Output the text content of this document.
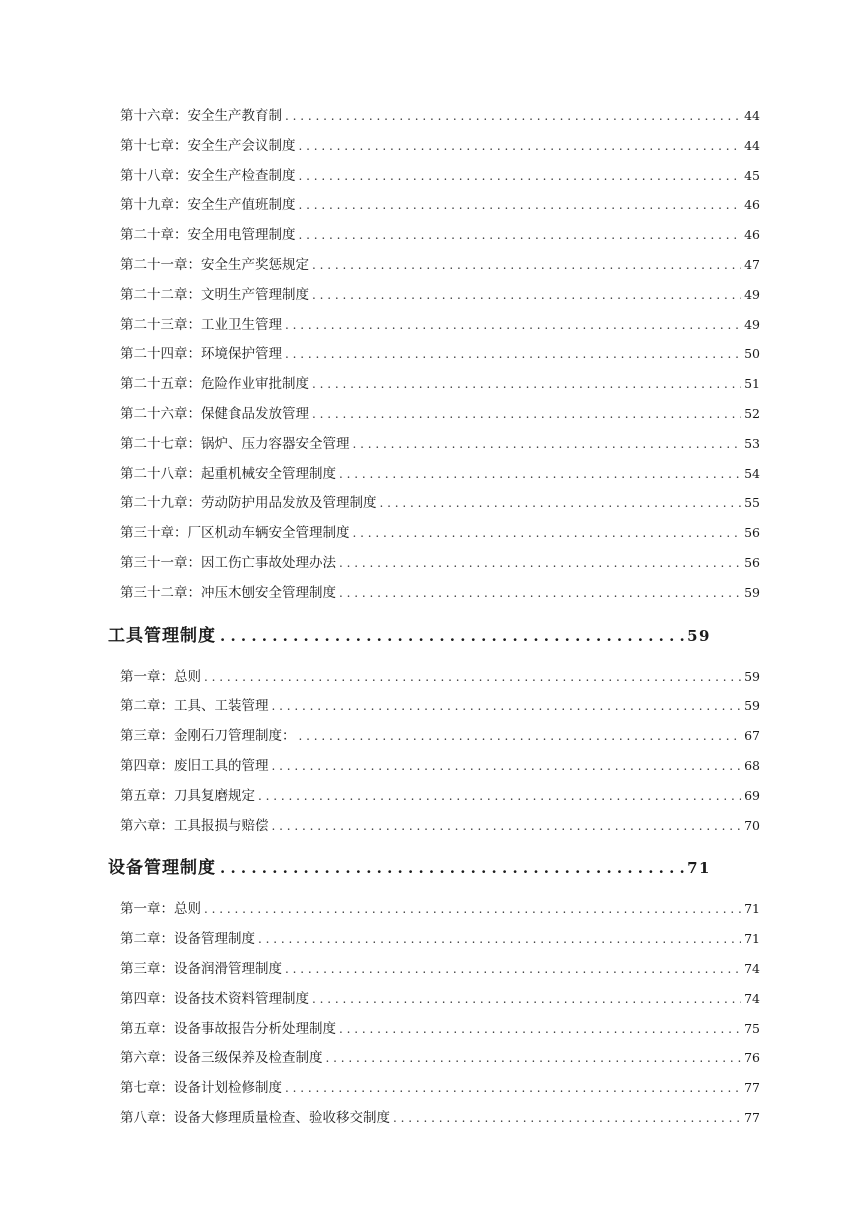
第十六章：安全生产教育制 . . .	44
第十七章：安全生产会议制度 . . .	44
第十八章：安全生产检查制度 . . .	45
第十九章：安全生产值班制度 . . .	46
第二十章：安全用电管理制度 . . .	46
第二十一章：安全生产奖惩规定 . . .	47
第二十二章：文明生产管理制度 . . .	49
第二十三章：工业卫生管理 . . .	49
第二十四章：环境保护管理 . . .	50
第二十五章：危险作业审批制度 . . .	51
第二十六章：保健食品发放管理 . . .	52
第二十七章：锅炉、压力容器安全管理 . . .	53
第二十八章：起重机械安全管理制度 . . .	54
第二十九章：劳动防护用品发放及管理制度 . . .	55
第三十章：厂区机动车辆安全管理制度 . . .	56
第三十一章：因工伤亡事故处理办法 . . .	56
第三十二章：冲压木刨安全管理制度 . . .	59
工具管理制度 . . .	59
第一章：总则 . . .	59
第二章：工具、工装管理 . . .	59
第三章：金刚石刀管理制度： . . .	67
第四章：废旧工具的管理 . . .	68
第五章：刀具复磨规定 . . .	69
第六章：工具报损与赔偿 . . .	70
设备管理制度 . . .	71
第一章：总则 . . .	71
第二章：设备管理制度 . . .	71
第三章：设备润滑管理制度 . . .	74
第四章：设备技术资料管理制度 . . .	74
第五章：设备事故报告分析处理制度 . . .	75
第六章：设备三级保养及检查制度 . . .	76
第七章：设备计划检修制度 . . .	77
第八章：设备大修理质量检查、验收移交制度 . . .	77
